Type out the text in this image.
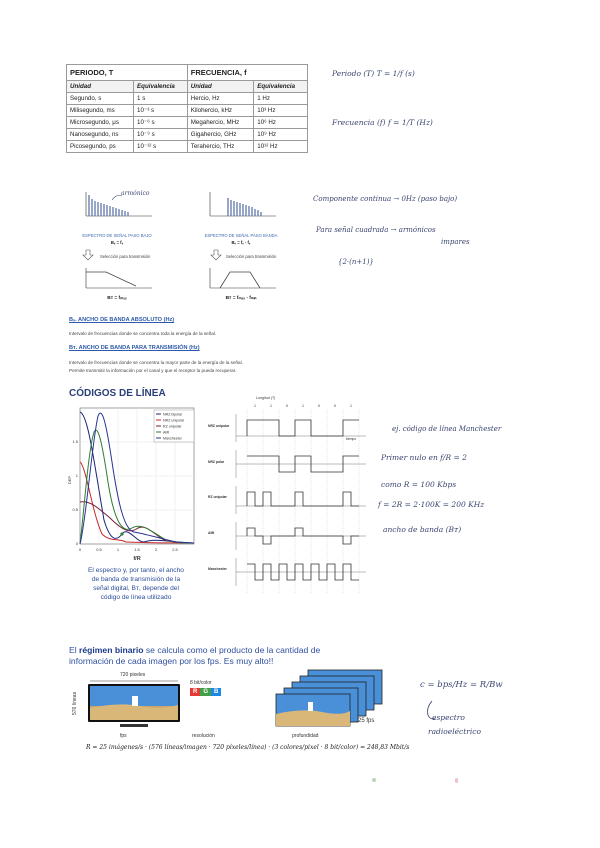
PERIODO, T		FRECUENCIA, f	
Unidad	Equivalencia	Unidad	Equivalencia
Segundo, s	1 s	Hercio, Hz	1 Hz
Milisegundo, ms	10⁻³ s	Kilohercio, kHz	10³ Hz
Microsegundo, μs	10⁻⁶ s	Megahercio, MHz	10⁶ Hz
Nanosegundo, ns	10⁻⁹ s	Gigahercio, GHz	10⁹ Hz
Picosegundo, ps	10⁻¹² s	Terahercio, THz	10¹² Hz
Periodo (T) T = 1/f (s)
Frecuencia (f) f = 1/T (Hz)
Componente continua → 0Hz (paso bajo)
Para señal cuadrada → armónicos
impares
{2·(n+1)}
armónico
ESPECTRO DE SEÑAL PASO BAJO
Bₛ = fₛ
ESPECTRO DE SEÑAL PASO BANDA
Bₛ = fₛ - fₛ
Selección para transmisión	Selección para transmisión
Bᴛ = fₘₐₓ	Bᴛ = fₘₐₓ - fₘᵢₙ
Bₛ. ANCHO DE BANDA ABSOLUTO (Hz)
Intervalo de frecuencias donde se concentra toda la energía de la señal.
Bᴛ. ANCHO DE BANDA PARA TRANSMISIÓN (Hz)
Intervalo de frecuencias donde se concentra la mayor parte de la energía de la señal.
Permite transmitir la información por el canal y que el receptor la pueda recuperar.
CÓDIGOS DE LÍNEA
NRZ bipolar
NRZ unipolar
RZ unipolar
AMI
Manchester
0	0.5	1	1.5	2	2.5
f/R
0
0.5
1
1.5
DEP
El espectro y, por tanto, el ancho
de banda de transmisión de la
señal digital, Bᴛ, depende del
código de línea utilizado
Longitud (T)
1	1	0	1	0	0	1
NRZ unipolar
NRZ polar
RZ unipolar
AMI
Manchester
tiempo
ej. código de línea Manchester
Primer nulo en f/R = 2
como R = 100 Kbps
f = 2R = 2·100K = 200 KHz
ancho de banda (Bᴛ)
El régimen binario se calcula como el producto de la cantidad de
información de cada imagen por los fps. Es muy alto!!
720 pixeles
576 líneas
8 bit/color
R	G	B
25 fps
fps	resolución	profundidad
R = 25 imágenes/s · (576 líneas/imagen · 720 píxeles/línea) · (3 colores/pixel · 8 bit/color) = 248,83 Mbit/s
c = bps/Hz = R/Bw
espectro
radioeléctrico
